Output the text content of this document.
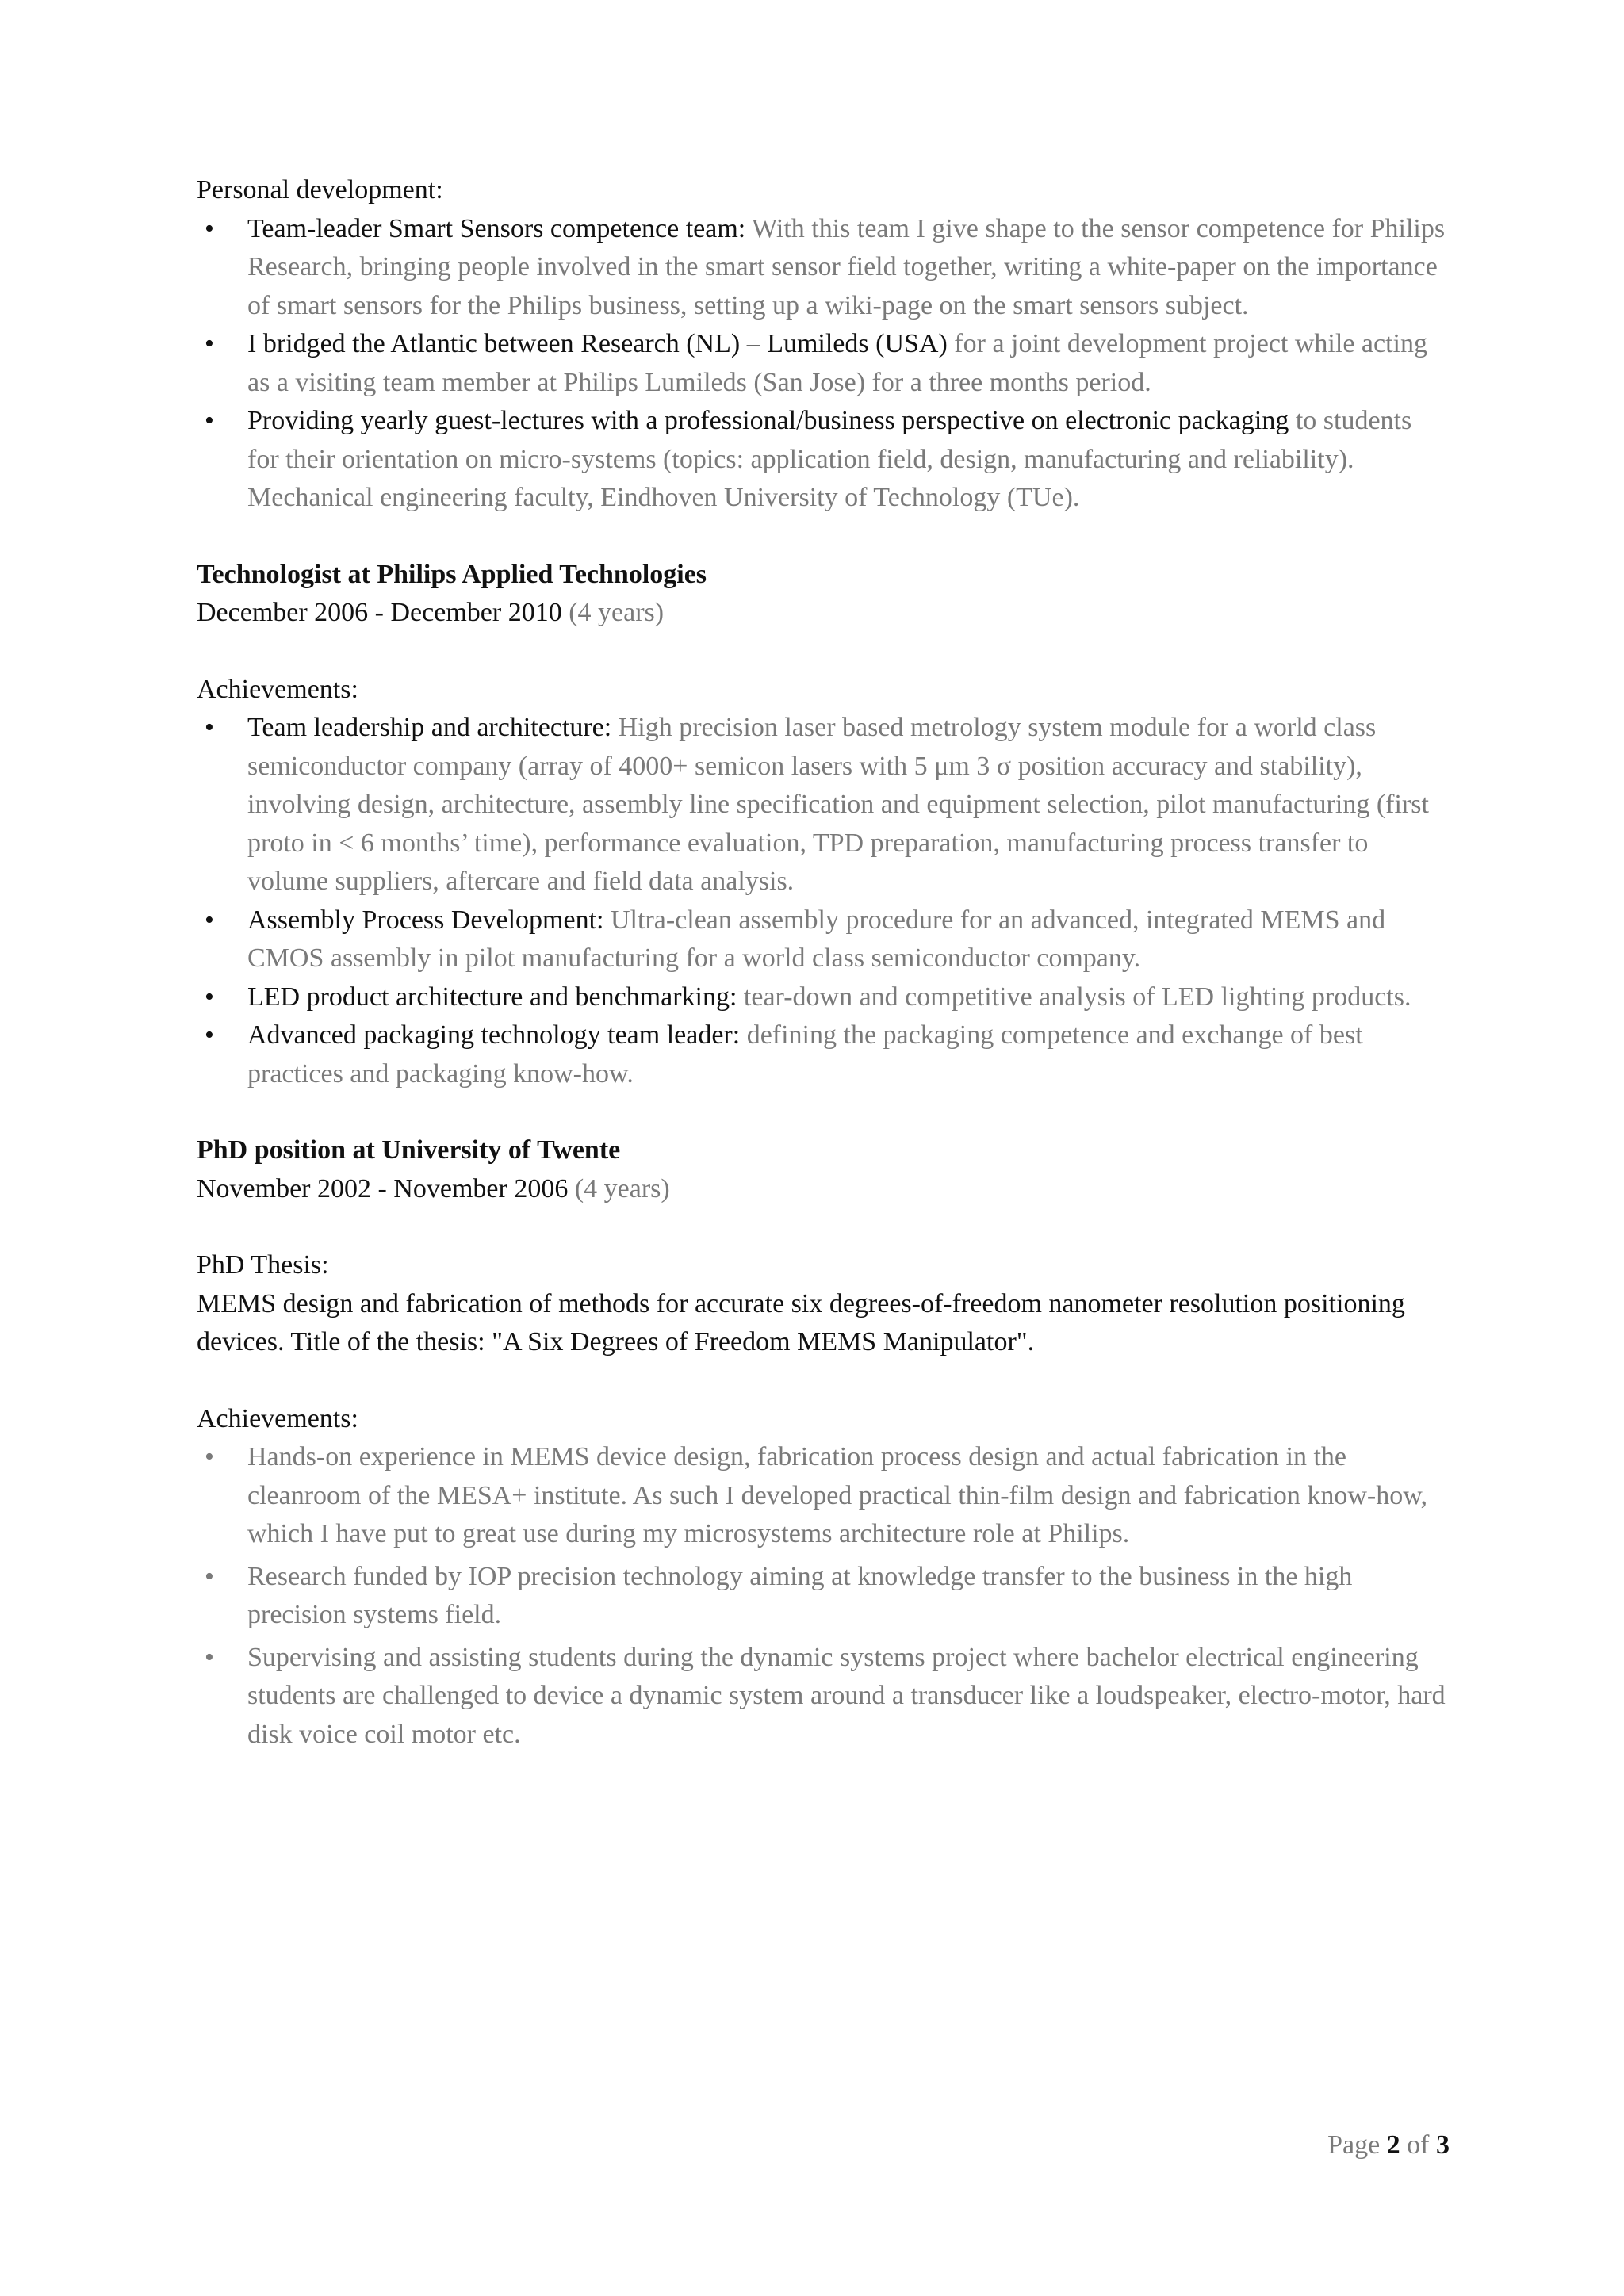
Personal development:
• Team-leader Smart Sensors competence team: With this team I give shape to the sensor competence for Philips Research, bringing people involved in the smart sensor field together, writing a white-paper on the importance of smart sensors for the Philips business, setting up a wiki-page on the smart sensors subject.
• I bridged the Atlantic between Research (NL) – Lumileds (USA) for a joint development project while acting as a visiting team member at Philips Lumileds (San Jose) for a three months period.
• Providing yearly guest-lectures with a professional/business perspective on electronic packaging to students for their orientation on micro-systems (topics: application field, design, manufacturing and reliability). Mechanical engineering faculty, Eindhoven University of Technology (TUe).
Technologist at Philips Applied Technologies
December 2006 - December 2010 (4 years)
Achievements:
• Team leadership and architecture: High precision laser based metrology system module for a world class semiconductor company (array of 4000+ semicon lasers with 5 μm 3 σ position accuracy and stability), involving design, architecture, assembly line specification and equipment selection, pilot manufacturing (first proto in < 6 months’ time), performance evaluation, TPD preparation, manufacturing process transfer to volume suppliers, aftercare and field data analysis.
• Assembly Process Development: Ultra-clean assembly procedure for an advanced, integrated MEMS and CMOS assembly in pilot manufacturing for a world class semiconductor company.
• LED product architecture and benchmarking: tear-down and competitive analysis of LED lighting products.
• Advanced packaging technology team leader: defining the packaging competence and exchange of best practices and packaging know-how.
PhD position at University of Twente
November 2002 - November 2006 (4 years)
PhD Thesis:
MEMS design and fabrication of methods for accurate six degrees-of-freedom nanometer resolution positioning devices. Title of the thesis: "A Six Degrees of Freedom MEMS Manipulator".
Achievements:
• Hands-on experience in MEMS device design, fabrication process design and actual fabrication in the cleanroom of the MESA+ institute. As such I developed practical thin-film design and fabrication know-how, which I have put to great use during my microsystems architecture role at Philips.
• Research funded by IOP precision technology aiming at knowledge transfer to the business in the high precision systems field.
• Supervising and assisting students during the dynamic systems project where bachelor electrical engineering students are challenged to device a dynamic system around a transducer like a loudspeaker, electro-motor, hard disk voice coil motor etc.
Page 2 of 3
